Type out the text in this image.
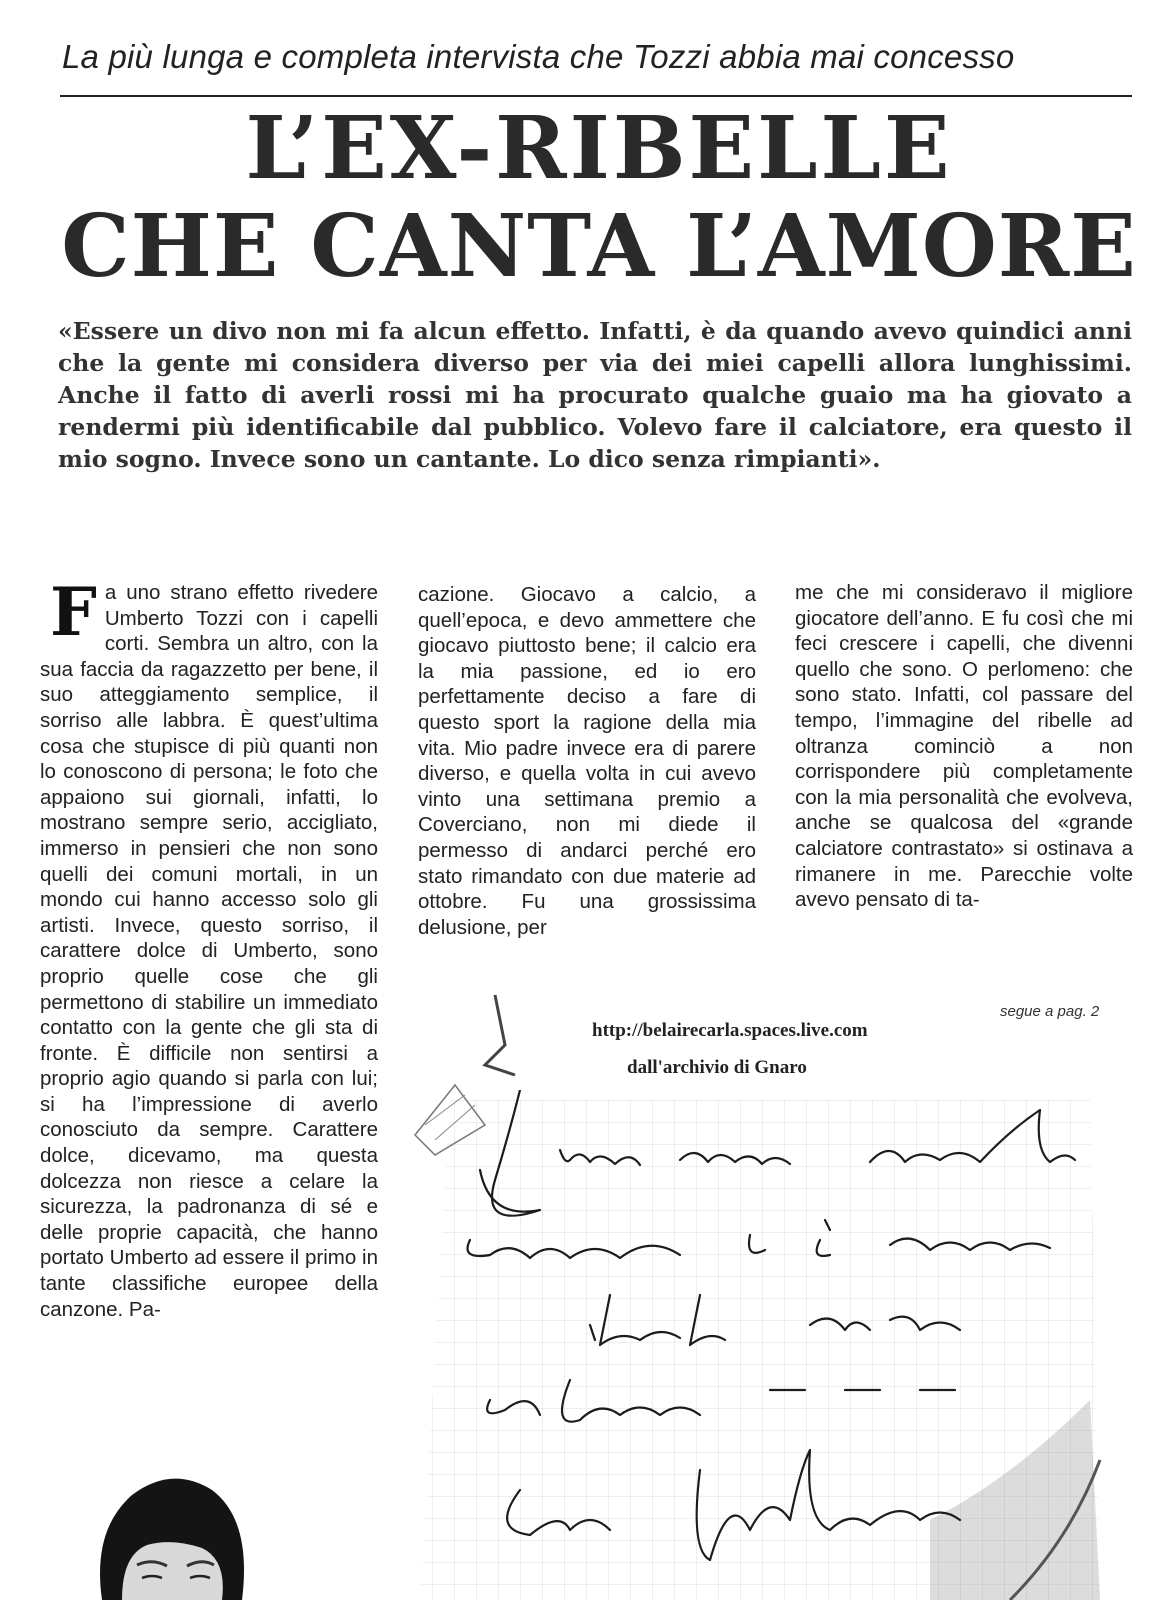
La più lunga e completa intervista che Tozzi abbia mai concesso
L’EX-RIBELLE
CHE CANTA L’AMORE
«Essere un divo non mi fa alcun effetto. Infatti, è da quando avevo quindici anni che la gente mi considera diverso per via dei miei capelli allora lunghissimi. Anche il fatto di averli rossi mi ha procurato qualche guaio ma ha giovato a rendermi più identificabile dal pubblico. Volevo fare il calciatore, era questo il mio sogno. Invece sono un cantante. Lo dico senza rimpianti».
F a uno strano effetto rivedere Umberto Tozzi con i capelli corti. Sembra un altro, con la sua faccia da ragazzetto per bene, il suo atteggiamento semplice, il sorriso alle labbra. È quest’ultima cosa che stupisce di più quanti non lo conoscono di persona; le foto che appaiono sui giornali, infatti, lo mostrano sempre serio, accigliato, immerso in pensieri che non sono quelli dei comuni mortali, in un mondo cui hanno accesso solo gli artisti. Invece, questo sorriso, il carattere dolce di Umberto, sono proprio quelle cose che gli permettono di stabilire un immediato contatto con la gente che gli sta di fronte. È difficile non sentirsi a proprio agio quando si parla con lui; si ha l’impressione di averlo conosciuto da sempre. Carattere dolce, dicevamo, ma questa dolcezza non riesce a celare la sicurezza, la padronanza di sé e delle proprie capacità, che hanno portato Umberto ad essere il primo in tante classifiche europee della canzone. Pa-
cazione. Giocavo a calcio, a quell’epoca, e devo ammettere che giocavo piuttosto bene; il calcio era la mia passione, ed io ero perfettamente deciso a fare di questo sport la ragione della mia vita. Mio padre invece era di parere diverso, e quella volta in cui avevo vinto una settimana premio a Coverciano, non mi diede il permesso di andarci perché ero stato rimandato con due materie ad ottobre. Fu una grossissima delusione, per
me che mi consideravo il migliore giocatore dell’anno. E fu così che mi feci crescere i capelli, che divenni quello che sono. O perlomeno: che sono stato. Infatti, col passare del tempo, l’immagine del ribelle ad oltranza cominciò a non corrispondere più completamente con la mia personalità che evolveva, anche se qualcosa del «grande calciatore contrastato» si ostinava a rimanere in me. Parecchie volte avevo pensato di ta-
segue a pag. 2
http://belairecarla.spaces.live.com
dall'archivio di Gnaro
